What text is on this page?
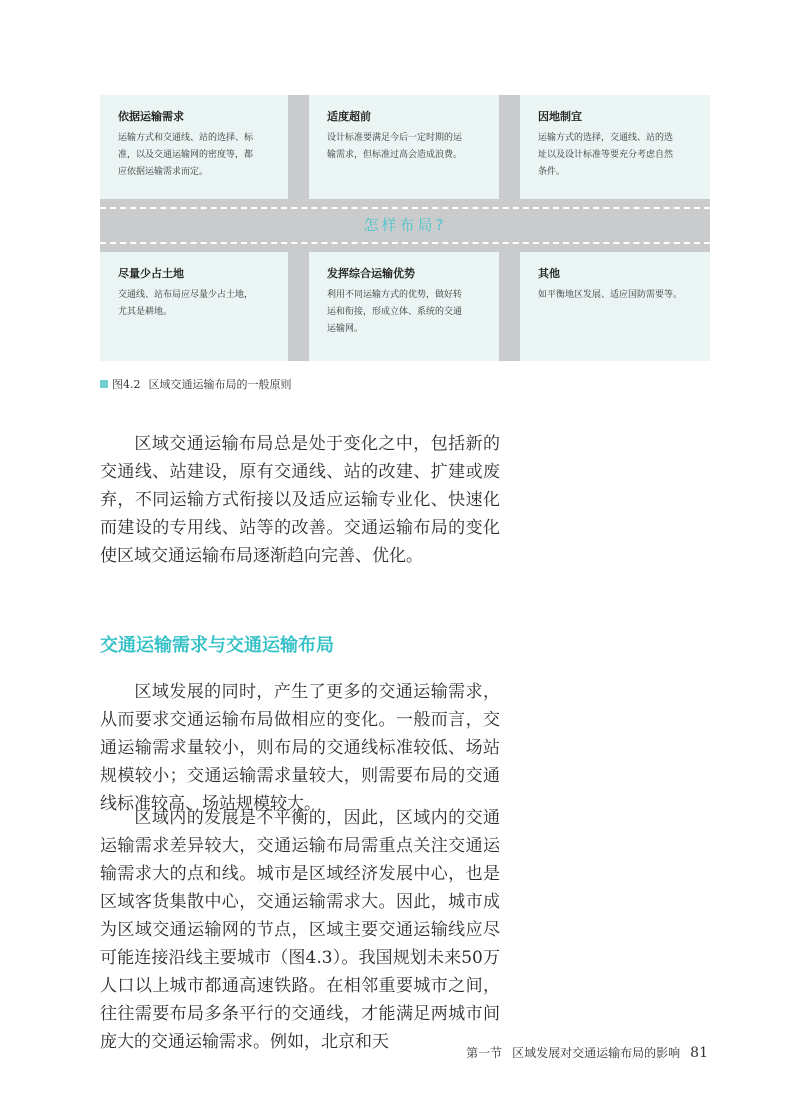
怎样布局?
依据运输需求
运输方式和交通线、站的选择、标
准，以及交通运输网的密度等，都
应依据运输需求而定。
适度超前
设计标准要满足今后一定时期的运
输需求，但标准过高会造成浪费。
因地制宜
运输方式的选择，交通线、站的选
址以及设计标准等要充分考虑自然
条件。
尽量少占土地
交通线、站布局应尽量少占土地，
尤其是耕地。
发挥综合运输优势
利用不同运输方式的优势，做好转
运和衔接，形成立体、系统的交通
运输网。
其他
如平衡地区发展、适应国防需要等。
图4.2 区域交通运输布局的一般原则
区域交通运输布局总是处于变化之中，包括新的交通线、站建设，原有交通线、站的改建、扩建或废弃，不同运输方式衔接以及适应运输专业化、快速化而建设的专用线、站等的改善。交通运输布局的变化使区域交通运输布局逐渐趋向完善、优化。
交通运输需求与交通运输布局
区域发展的同时，产生了更多的交通运输需求，从而要求交通运输布局做相应的变化。一般而言，交通运输需求量较小，则布局的交通线标准较低、场站规模较小；交通运输需求量较大，则需要布局的交通线标准较高、场站规模较大。
区域内的发展是不平衡的，因此，区域内的交通运输需求差异较大，交通运输布局需重点关注交通运输需求大的点和线。城市是区域经济发展中心，也是区域客货集散中心，交通运输需求大。因此，城市成为区域交通运输网的节点，区域主要交通运输线应尽可能连接沿线主要城市（图4.3）。我国规划未来50万人口以上城市都通高速铁路。在相邻重要城市之间，往往需要布局多条平行的交通线，才能满足两城市间庞大的交通运输需求。例如，北京和天
第一节 区域发展对交通运输布局的影响 81
